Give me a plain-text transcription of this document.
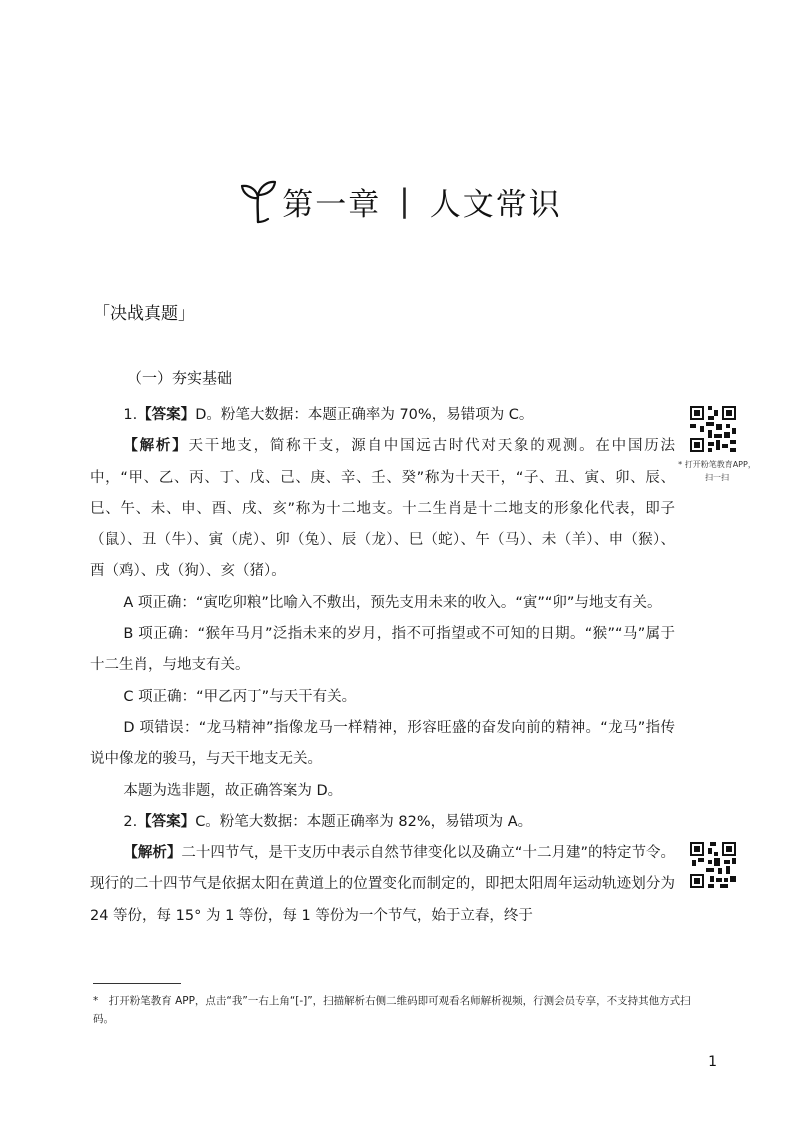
第一章 | 人文常识
「决战真题」
（一）夯实基础

1.【答案】D。粉笔大数据：本题正确率为 70%，易错项为 C。

【解析】天干地支，简称干支，源自中国远古时代对天象的观测。在中国历法中，“甲、乙、丙、丁、戊、己、庚、辛、壬、癸”称为十天干，“子、丑、寅、卯、辰、巳、午、未、申、酉、戌、亥”称为十二地支。十二生肖是十二地支的形象化代表，即子（鼠）、丑（牛）、寅（虎）、卯（兔）、辰（龙）、巳（蛇）、午（马）、未（羊）、申（猴）、酉（鸡）、戌（狗）、亥（猪）。

A 项正确：“寅吃卯粮”比喻入不敷出，预先支用未来的收入。“寅”“卯”与地支有关。

B 项正确：“猴年马月”泛指未来的岁月，指不可指望或不可知的日期。“猴”“马”属于十二生肖，与地支有关。

C 项正确：“甲乙丙丁”与天干有关。

D 项错误：“龙马精神”指像龙马一样精神，形容旺盛的奋发向前的精神。“龙马”指传说中像龙的骏马，与天干地支无关。

本题为选非题，故正确答案为 D。

2.【答案】C。粉笔大数据：本题正确率为 82%，易错项为 A。

【解析】二十四节气，是干支历中表示自然节律变化以及确立“十二月建”的特定节令。现行的二十四节气是依据太阳在黄道上的位置变化而制定的，即把太阳周年运动轨迹划分为 24 等份，每 15° 为 1 等份，每 1 等份为一个节气，始于立春，终于

* 打开粉笔教育APP，
扫一扫
*　打开粉笔教育 APP，点击“我”一右上角“[-]”，扫描解析右侧二维码即可观看名师解析视频，行测会员专享，不支持其他方式扫码。
1
